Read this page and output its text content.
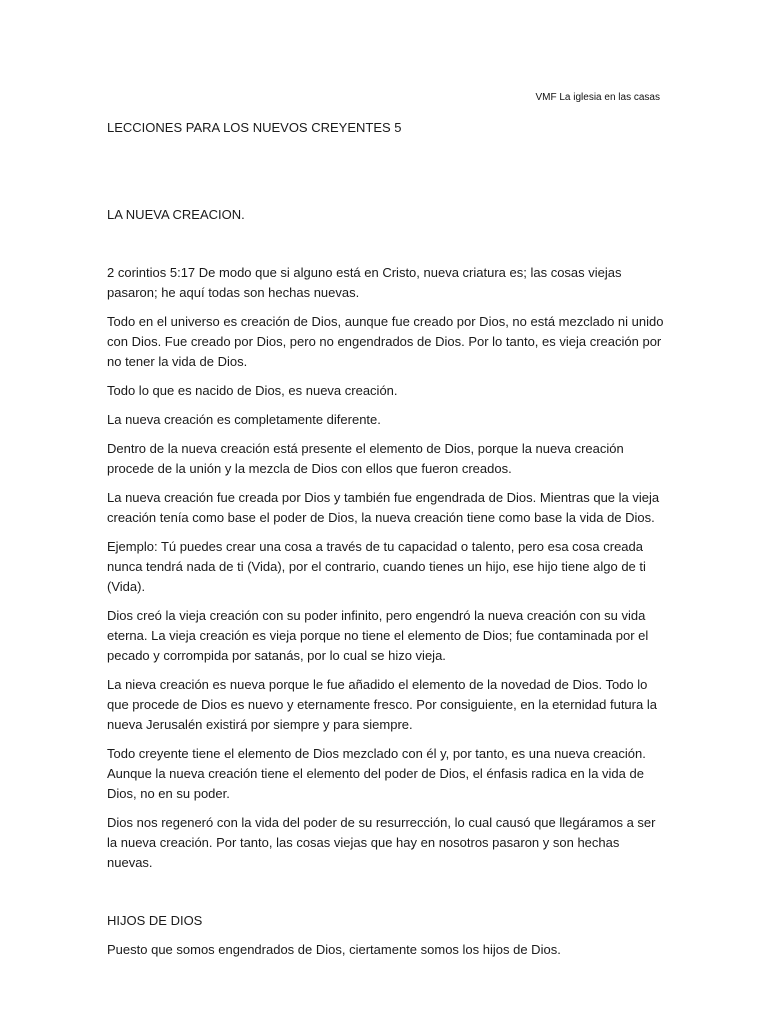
VMF La iglesia en las casas

LECCIONES PARA LOS NUEVOS CREYENTES 5

LA NUEVA CREACION.

2 corintios 5:17 De modo que si alguno está en Cristo, nueva criatura es; las cosas viejas pasaron; he aquí todas son hechas nuevas.

Todo en el universo es creación de Dios, aunque fue creado por Dios, no está mezclado ni unido con Dios. Fue creado por Dios, pero no engendrados de Dios. Por lo tanto, es vieja creación por no tener la vida de Dios.

Todo lo que es nacido de Dios, es nueva creación.

La nueva creación es completamente diferente.

Dentro de la nueva creación está presente el elemento de Dios, porque la nueva creación procede de la unión y la mezcla de Dios con ellos que fueron creados.

La nueva creación fue creada por Dios y también fue engendrada de Dios. Mientras que la vieja creación tenía como base el poder de Dios, la nueva creación tiene como base la vida de Dios.

Ejemplo: Tú puedes crear una cosa a través de tu capacidad o talento, pero esa cosa creada nunca tendrá nada de ti (Vida), por el contrario, cuando tienes un hijo, ese hijo tiene algo de ti (Vida).

Dios creó la vieja creación con su poder infinito, pero engendró la nueva creación con su vida eterna. La vieja creación es vieja porque no tiene el elemento de Dios; fue contaminada por el pecado y corrompida por satanás, por lo cual se hizo vieja.

La nieva creación es nueva porque le fue añadido el elemento de la novedad de Dios. Todo lo que procede de Dios es nuevo y eternamente fresco. Por consiguiente, en la eternidad futura la nueva Jerusalén existirá por siempre y para siempre.

Todo creyente tiene el elemento de Dios mezclado con él y, por tanto, es una nueva creación. Aunque la nueva creación tiene el elemento del poder de Dios, el énfasis radica en la vida de Dios, no en su poder.

Dios nos regeneró con la vida del poder de su resurrección, lo cual causó que llegáramos a ser la nueva creación. Por tanto, las cosas viejas que hay en nosotros pasaron y son hechas nuevas.

HIJOS DE DIOS

Puesto que somos engendrados de Dios, ciertamente somos los hijos de Dios.
